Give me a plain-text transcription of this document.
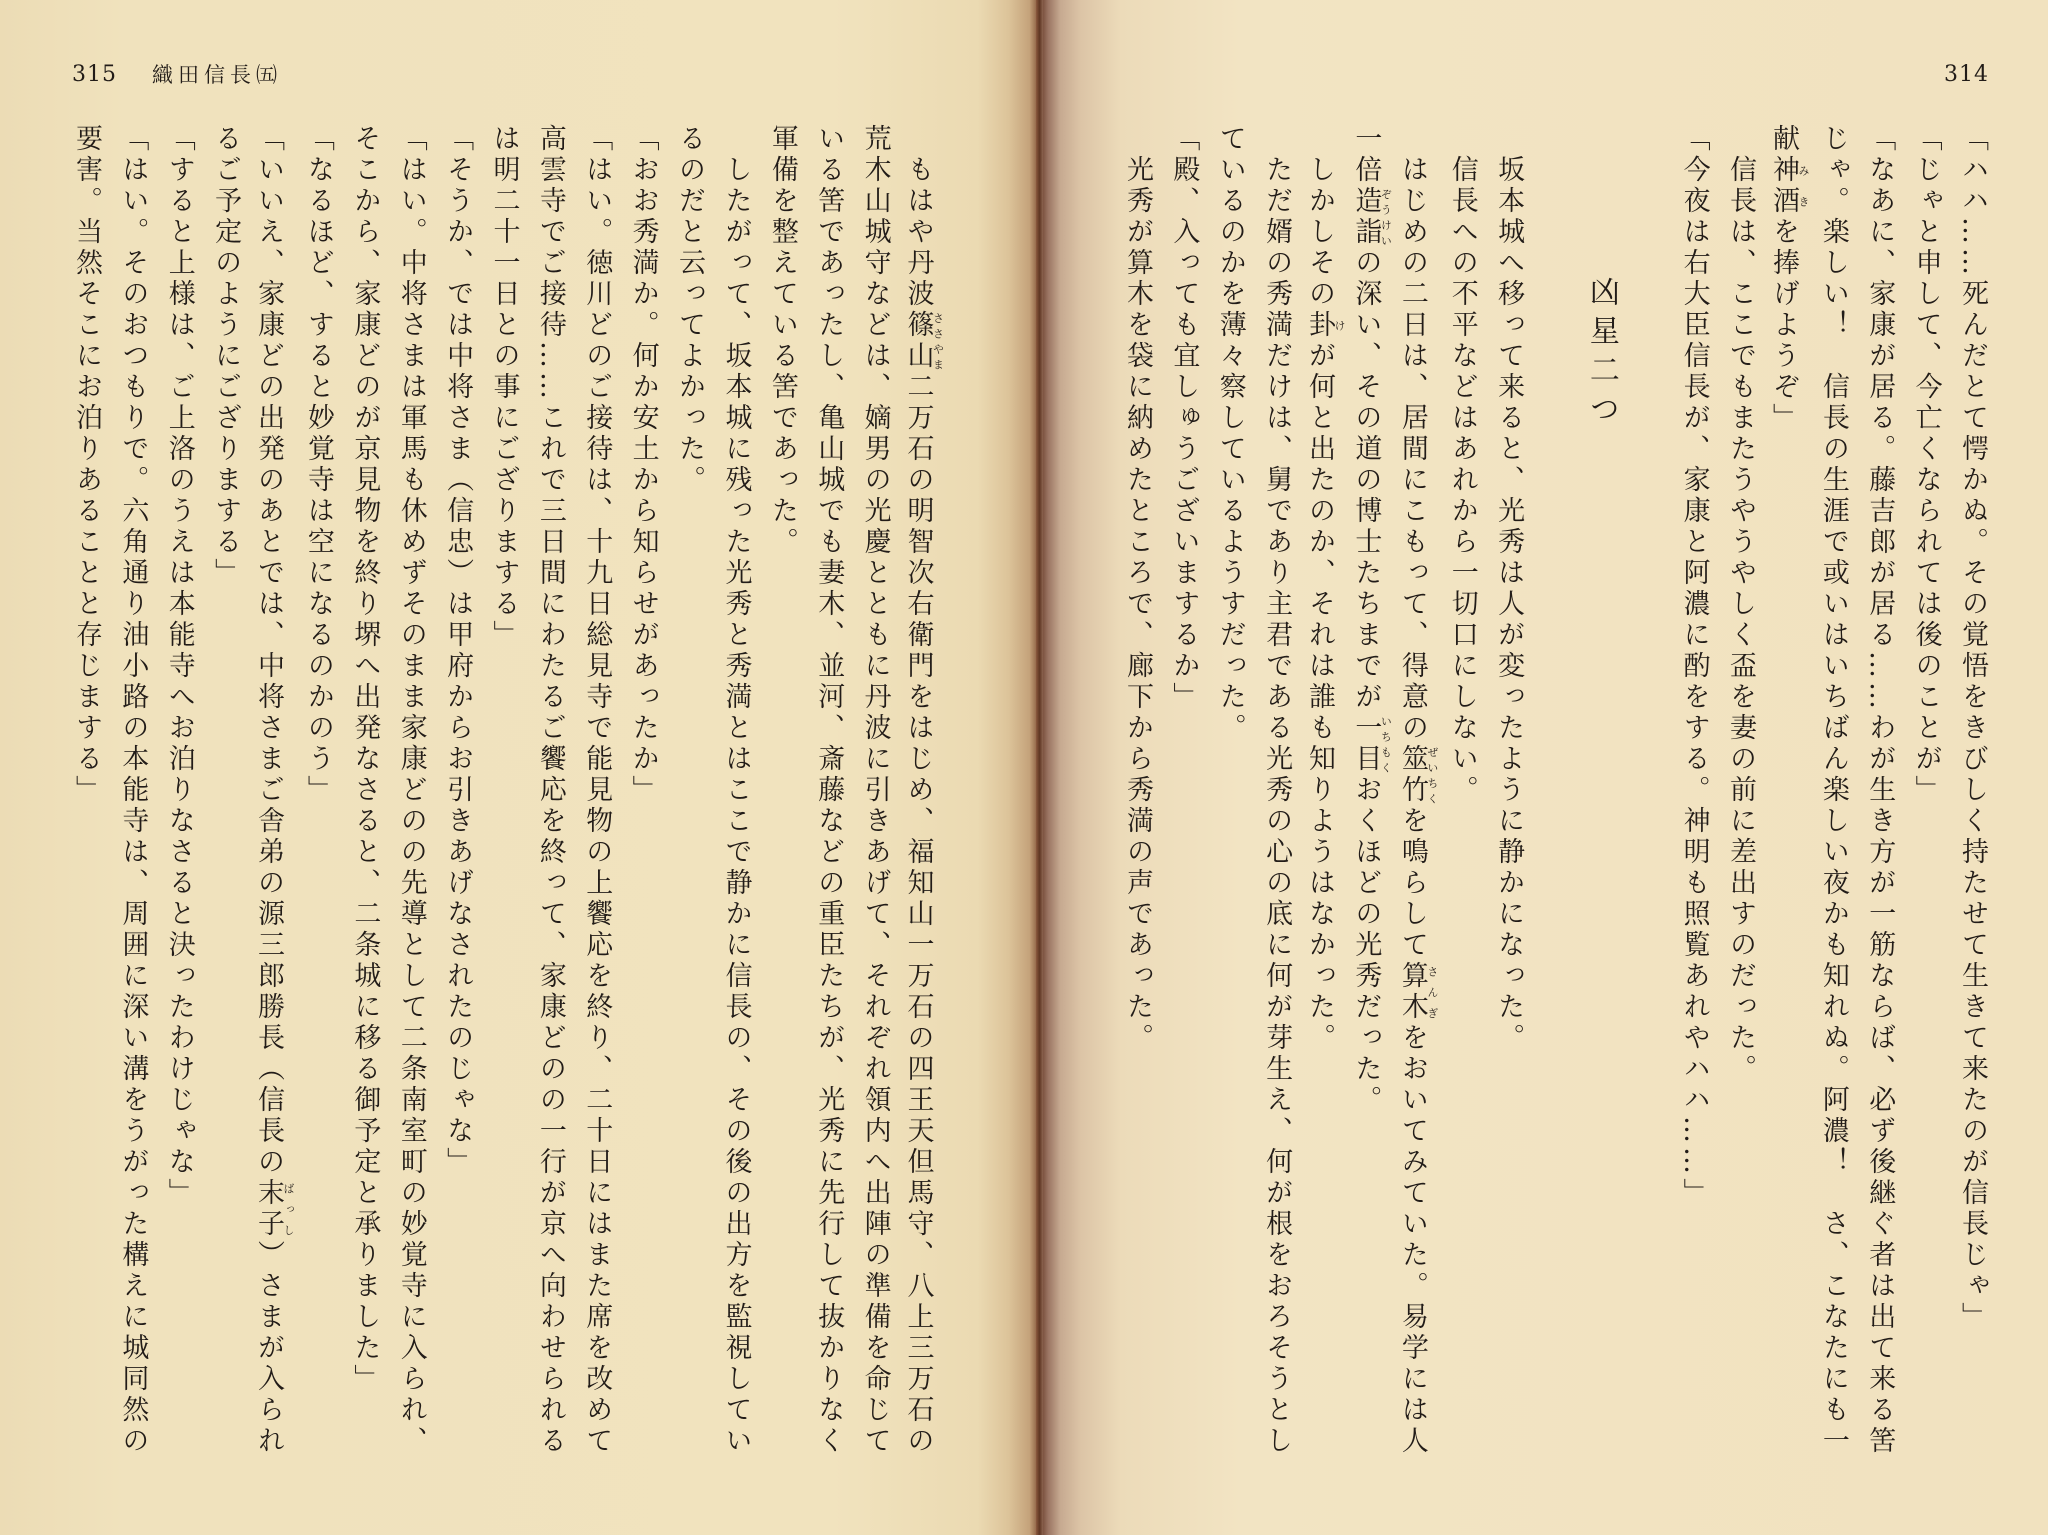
315 織田信長㈤	314
　もはや丹波篠山ささやま二万石の明智次右衛門をはじめ、福知山一万石の四王天但馬守、八上三万石の
荒木山城守などは、嫡男の光慶とともに丹波に引きあげて、それぞれ領内へ出陣の準備を命じて
いる筈であったし、亀山城でも妻木、並河、斎藤などの重臣たちが、光秀に先行して抜かりなく
軍備を整えている筈であった。
　したがって、坂本城に残った光秀と秀満とはここで静かに信長の、その後の出方を監視してい
るのだと云ってよかった。
「おお秀満か。何か安土から知らせがあったか」
「はい。徳川どのご接待は、十九日総見寺で能見物の上饗応を終り、二十日にはまた席を改めて
高雲寺でご接待……これで三日間にわたるご饗応を終って、家康どのの一行が京へ向わせられる
は明二十一日との事にござりまする」
「そうか、では中将さま（信忠）は甲府からお引きあげなされたのじゃな」
「はい。中将さまは軍馬も休めずそのまま家康どのの先導として二条南室町の妙覚寺に入られ、
そこから、家康どのが京見物を終り堺へ出発なさると、二条城に移る御予定と承りました」
「なるほど、すると妙覚寺は空になるのかのう」
「いいえ、家康どの出発のあとでは、中将さまご舎弟の源三郎勝長（信長の末子ばっし）さまが入られ
るご予定のようにござりまする」
「すると上様は、ご上洛のうえは本能寺へお泊りなさると決ったわけじゃな」
「はい。そのおつもりで。六角通り油小路の本能寺は、周囲に深い溝をうがった構えに城同然の
要害。当然そこにお泊りあることと存じまする」	「ハハ……死んだとて愕かぬ。その覚悟をきびしく持たせて生きて来たのが信長じゃ」
「じゃと申して、今亡くなられては後のことが」
「なあに、家康が居る。藤吉郎が居る……わが生き方が一筋ならば、必ず後継ぐ者は出て来る筈
じゃ。楽しい！　信長の生涯で或いはいちばん楽しい夜かも知れぬ。阿濃！　さ、こなたにも一
献神酒みきを捧げようぞ」
　信長は、ここでもまたうやうやしく盃を妻の前に差出すのだった。
「今夜は右大臣信長が、家康と阿濃に酌をする。神明も照覧あれやハハ……」
凶星二つ
　坂本城へ移って来ると、光秀は人が変ったように静かになった。
　信長への不平などはあれから一切口にしない。
　はじめの二日は、居間にこもって、得意の筮竹ぜいちくを鳴らして算木さんぎをおいてみていた。易学には人
一倍造詣ぞうけいの深い、その道の博士たちまでが一目いちもくおくほどの光秀だった。
　しかしその卦けが何と出たのか、それは誰も知りようはなかった。
　ただ婿の秀満だけは、舅であり主君である光秀の心の底に何が芽生え、何が根をおろそうとし
ているのかを薄々察しているようすだった。
「殿、入っても宜しゅうございまするか」
　光秀が算木を袋に納めたところで、廊下から秀満の声であった。
